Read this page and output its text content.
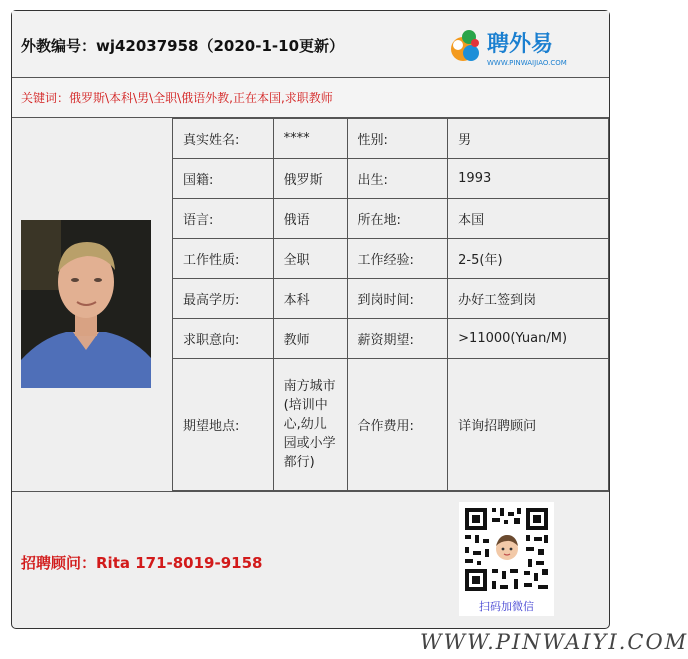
外教编号：wj42037958（2020-1-10更新）	聘外易
WWW.PINWAIJIAO.COM
关键词：俄罗斯\本科\男\全职\俄语外教,正在本国,求职教师
真实姓名:	****	性别:	男
国籍:	俄罗斯	出生:	1993
语言:	俄语	所在地:	本国
工作性质:	全职	工作经验:	2-5(年)
最高学历:	本科	到岗时间:	办好工签到岗
求职意向:	教师	薪资期望:	>11000(Yuan/M)
期望地点:	南方城市(培训中心,幼儿园或小学都行)	合作费用:	详询招聘顾问
招聘顾问：Rita 171-8019-9158
扫码加微信
WWW.PINWAIYI.COM
